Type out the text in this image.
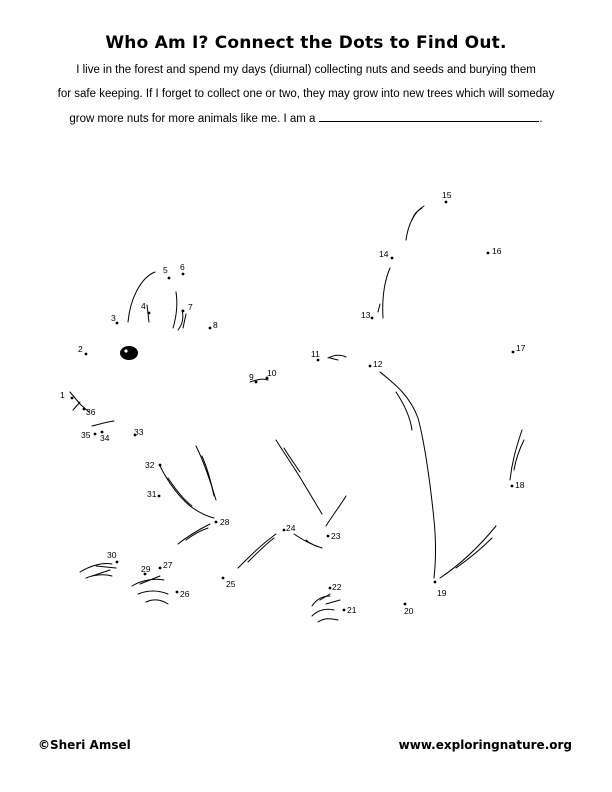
Who Am I? Connect the Dots to Find Out.
I live in the forest and spend my days (diurnal) collecting nuts and seeds and burying them
for safe keeping. If I forget to collect one or two, they may grow into new trees which will someday
grow more nuts for more animals like me. I am a	.
1
2
3
4
5 6
7
8
9 10
11
12
13
14
15
16
17
18
19
20
21
22
23
24
25
26
27
28
29
30
31
32
33
34
35
36
©Sheri Amsel	www.exploringnature.org
